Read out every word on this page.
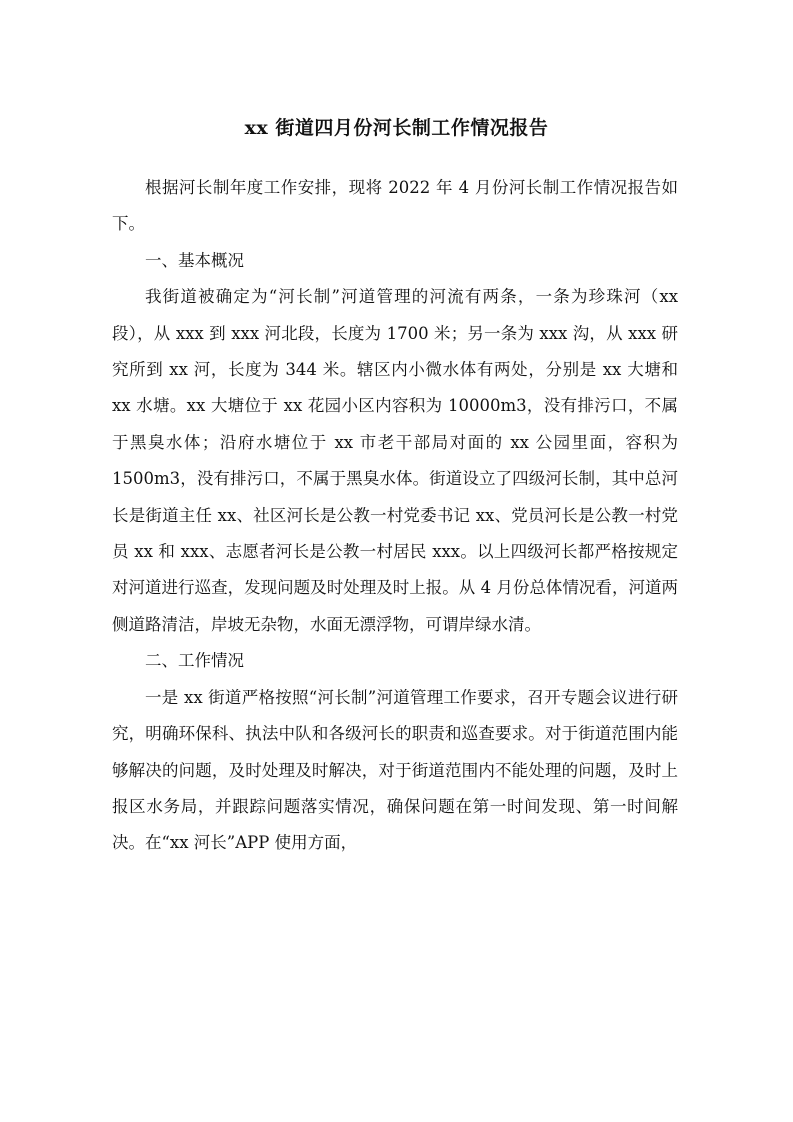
xx 街道四月份河长制工作情况报告

根据河长制年度工作安排，现将 2022 年 4 月份河长制工作情况报告如下。

一、基本概况

我街道被确定为“河长制”河道管理的河流有两条，一条为珍珠河（xx 段），从 xxx 到 xxx 河北段，长度为 1700 米；另一条为 xxx 沟，从 xxx 研究所到 xx 河，长度为 344 米。辖区内小微水体有两处，分别是 xx 大塘和 xx 水塘。xx 大塘位于 xx 花园小区内容积为 10000m3，没有排污口，不属于黑臭水体；沿府水塘位于 xx 市老干部局对面的 xx 公园里面，容积为 1500m3，没有排污口，不属于黑臭水体。街道设立了四级河长制，其中总河长是街道主任 xx、社区河长是公教一村党委书记 xx、党员河长是公教一村党员 xx 和 xxx、志愿者河长是公教一村居民 xxx。以上四级河长都严格按规定对河道进行巡查，发现问题及时处理及时上报。从 4 月份总体情况看，河道两侧道路清洁，岸坡无杂物，水面无漂浮物，可谓岸绿水清。

二、工作情况

一是 xx 街道严格按照“河长制”河道管理工作要求，召开专题会议进行研究，明确环保科、执法中队和各级河长的职责和巡查要求。对于街道范围内能够解决的问题，及时处理及时解决，对于街道范围内不能处理的问题，及时上报区水务局，并跟踪问题落实情况，确保问题在第一时间发现、第一时间解决。在“xx 河长”APP 使用方面，
